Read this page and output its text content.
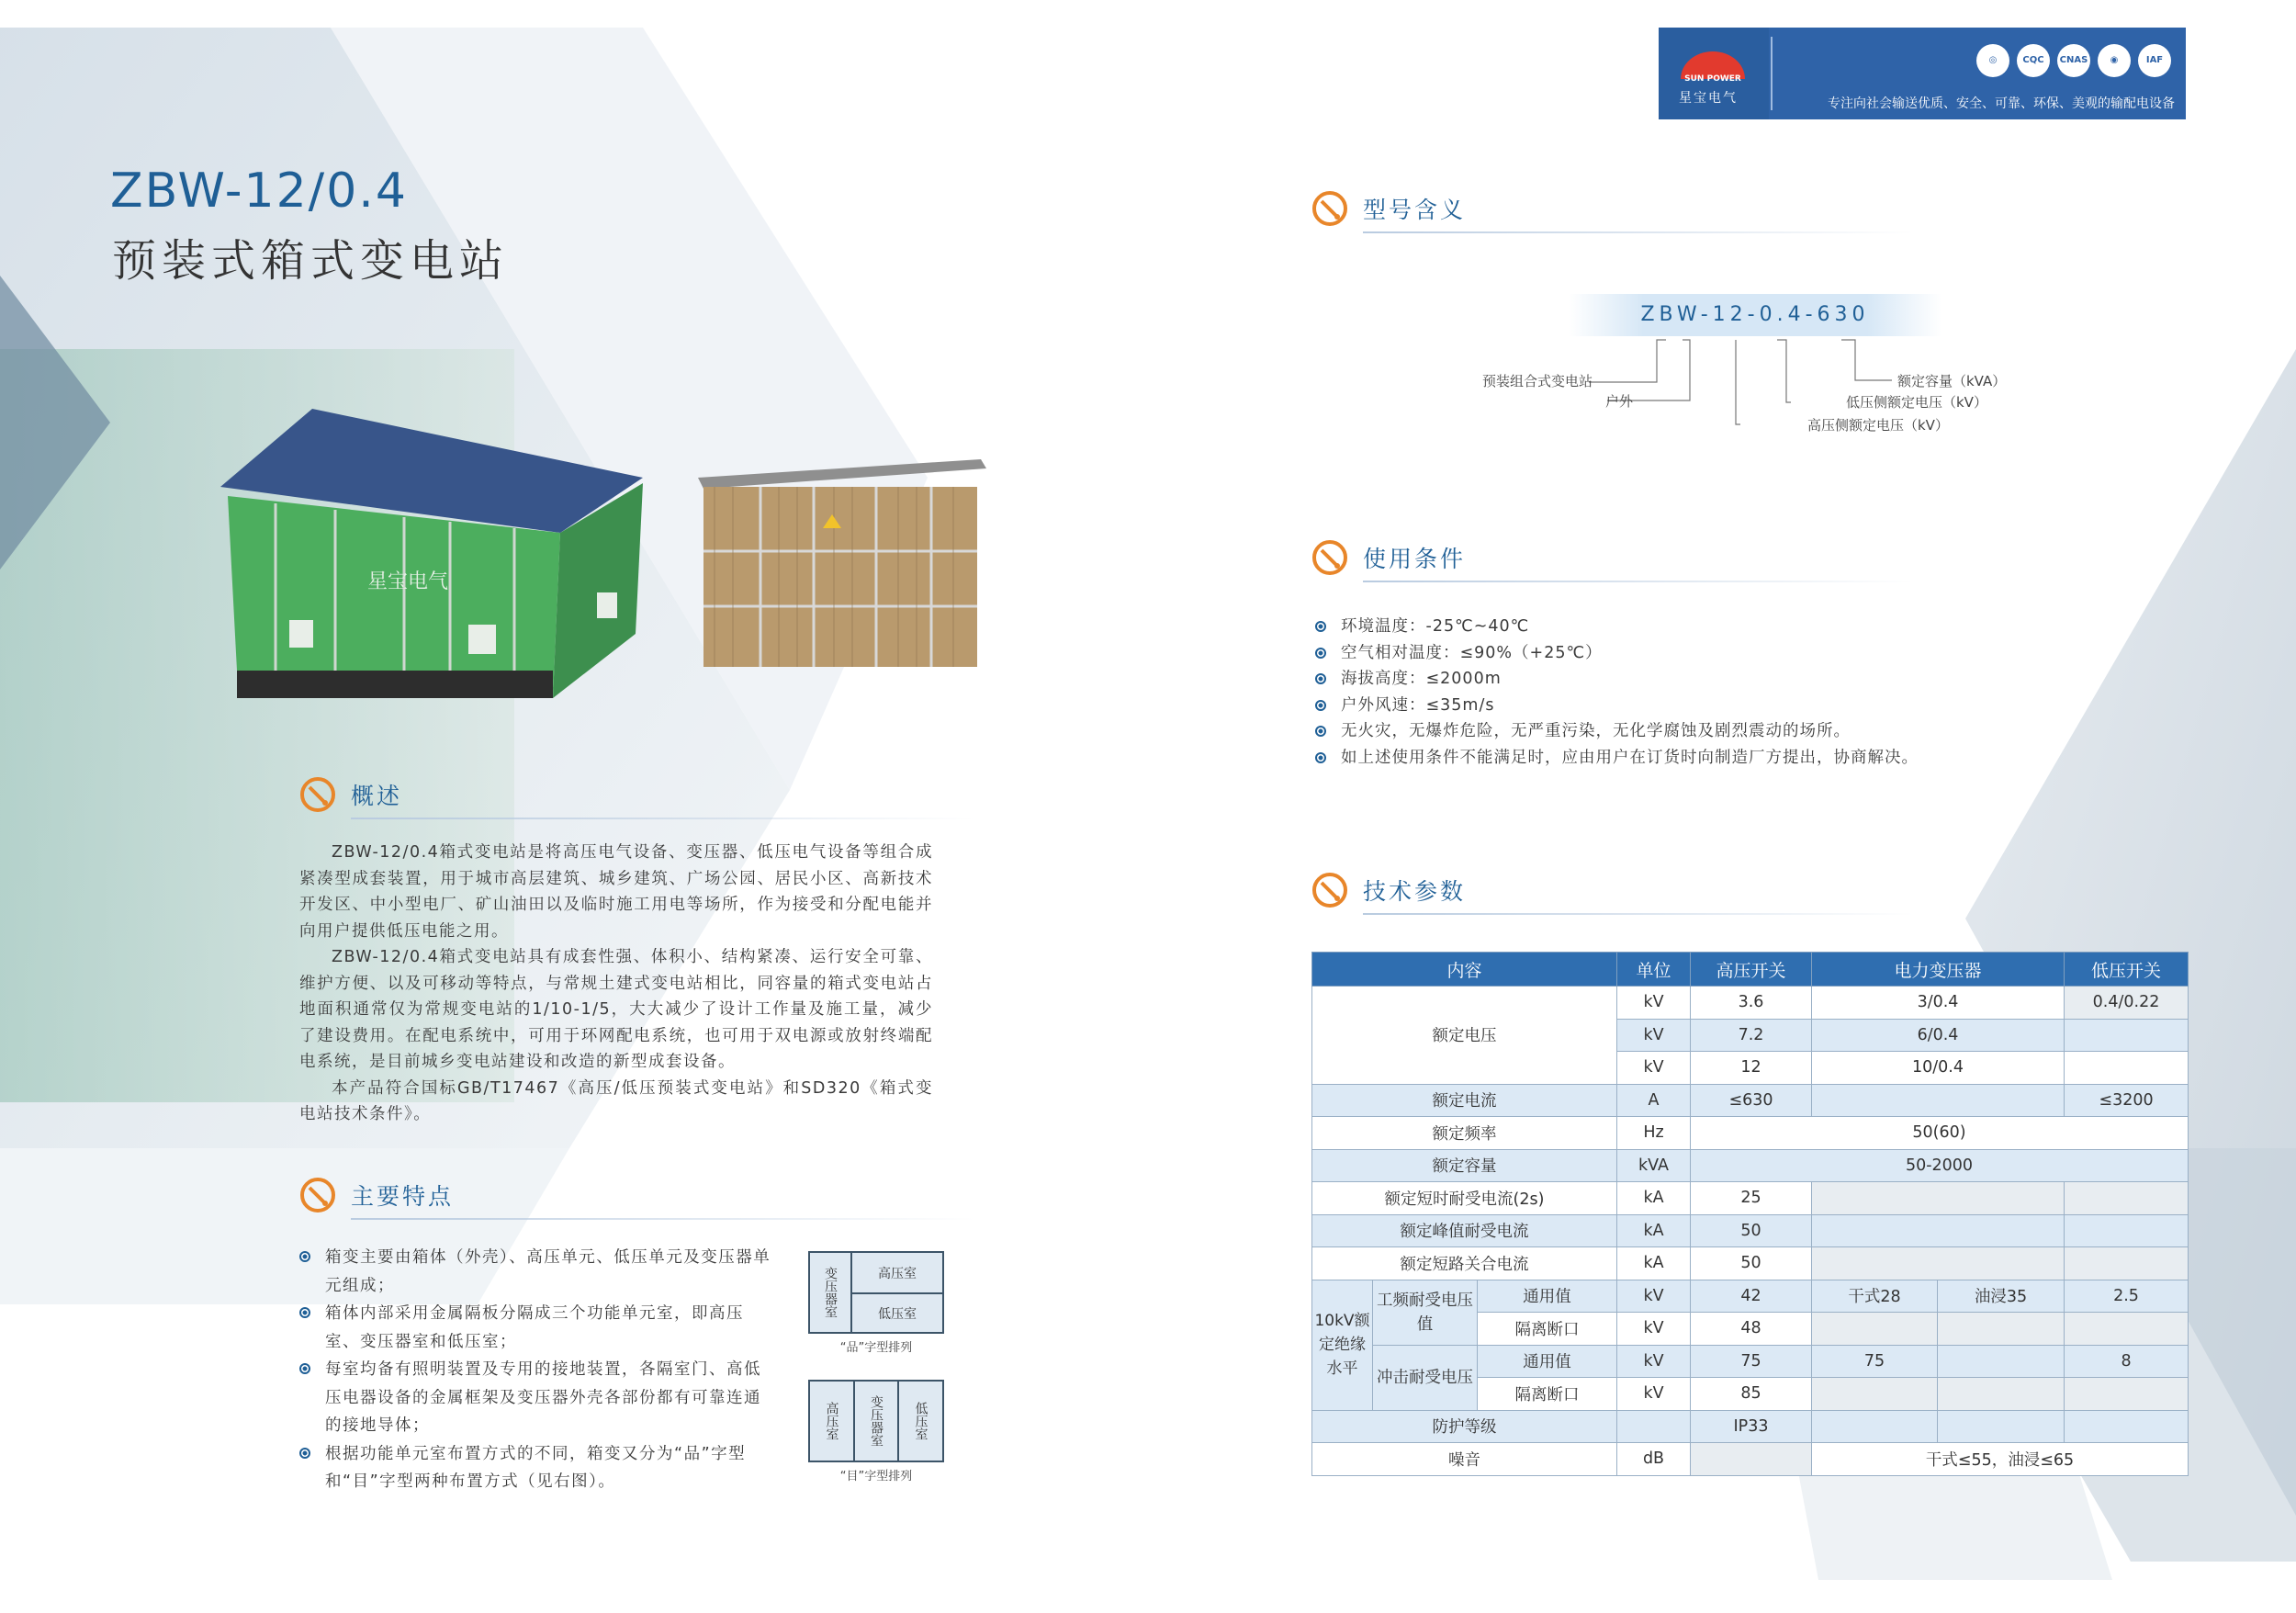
ZBW-12/0.4
预装式箱式变电站
星宝电气
概述

ZBW-12/0.4箱式变电站是将高压电气设备、变压器、低压电气设备等组合成紧凑型成套装置，用于城市高层建筑、城乡建筑、广场公园、居民小区、高新技术开发区、中小型电厂、矿山油田以及临时施工用电等场所，作为接受和分配电能并向用户提供低压电能之用。

ZBW-12/0.4箱式变电站具有成套性强、体积小、结构紧凑、运行安全可靠、维护方便、以及可移动等特点，与常规土建式变电站相比，同容量的箱式变电站占地面积通常仅为常规变电站的1/10-1/5，大大减少了设计工作量及施工量，减少了建设费用。在配电系统中，可用于环网配电系统，也可用于双电源或放射终端配电系统，是目前城乡变电站建设和改造的新型成套设备。

本产品符合国标GB/T17467《高压/低压预装式变电站》和SD320《箱式变电站技术条件》。

主要特点
箱变主要由箱体（外壳）、高压单元、低压单元及变压器单元组成；
箱体内部采用金属隔板分隔成三个功能单元室，即高压室、变压器室和低压室；
每室均备有照明装置及专用的接地装置，各隔室门、高低压电器设备的金属框架及变压器外壳各部份都有可靠连通的接地导体；
根据功能单元室布置方式的不同，箱变又分为“品”字型和“目”字型两种布置方式（见右图）。
变压器室	高压室
低压室
“品”字型排列
高压室	变压器室	低压室
“目”字型排列
SUN POWER
星宝电气
◎	CQC	CNAS	◉	IAF
专注向社会输送优质、安全、可靠、环保、美观的输配电设备
型号含义
ZBW-12-0.4-630
预装组合式变电站
户外
高压侧额定电压（kV）
低压侧额定电压（kV）
额定容量（kVA）
使用条件
环境温度：-25℃~40℃
空气相对温度：≤90%（+25℃）
海拔高度：≤2000m
户外风速：≤35m/s
无火灾，无爆炸危险，无严重污染，无化学腐蚀及剧烈震动的场所。
如上述使用条件不能满足时，应由用户在订货时向制造厂方提出，协商解决。
技术参数
内容			单位	高压开关	电力变压器		低压开关
额定电压			kV	3.6	3/0.4		0.4/0.22
			kV	7.2	6/0.4		
			kV	12	10/0.4		
额定电流			A	≤630			≤3200
额定频率			Hz	50(60)			
额定容量			kVA	50-2000			
额定短时耐受电流(2s)			kA	25			
额定峰值耐受电流			kA	50			
额定短路关合电流			kA	50			
10kV额定绝缘水平	工频耐受电压值	通用值	kV	42	干式28	油浸35	2.5
		隔离断口	kV	48			
	冲击耐受电压	通用值	kV	75	75		8
		隔离断口	kV	85			
防护等级				IP33			
噪音			dB		干式≤55，油浸≤65		
